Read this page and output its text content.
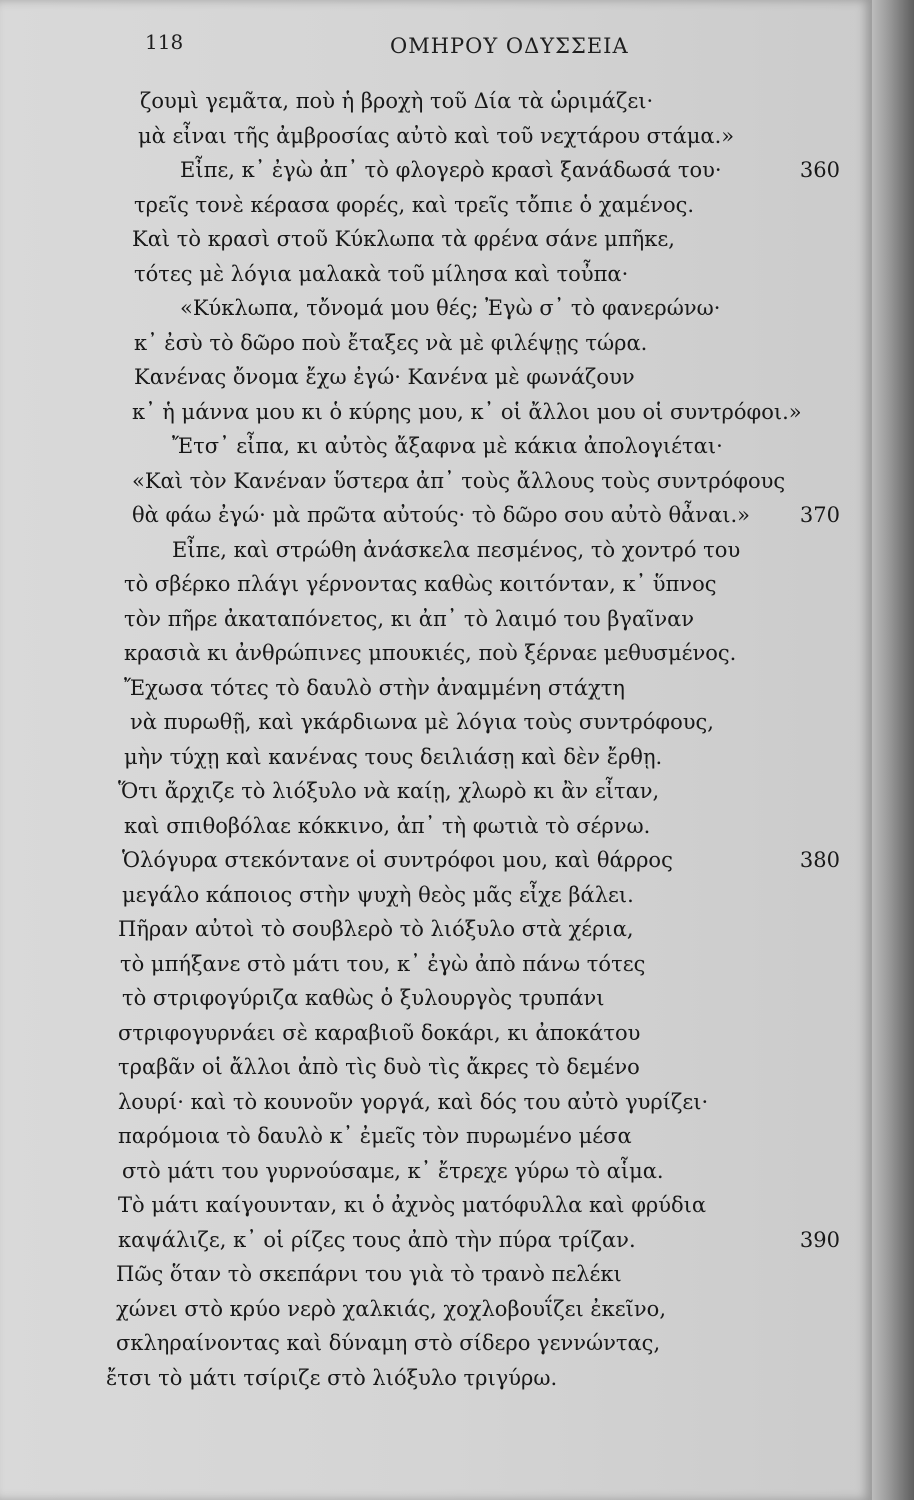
118	ΟΜΗΡΟΥ ΟΔΥΣΣΕΙΑ
ζουμὶ γεμᾶτα, ποὺ ἡ βροχὴ τοῦ Δία τὰ ὡριμάζει·
μὰ εἶναι τῆς ἀμβροσίας αὐτὸ καὶ τοῦ νεχτάρου στάμα.»
Εἶπε, κ᾽ ἐγὼ ἀπ᾽ τὸ φλογερὸ κρασὶ ξανάδωσά του·	360
τρεῖς τονὲ κέρασα φορές, καὶ τρεῖς τὄπιε ὁ χαμένος.
Καὶ τὸ κρασὶ στοῦ Κύκλωπα τὰ φρένα σάνε μπῆκε,
τότες μὲ λόγια μαλακὰ τοῦ μίλησα καὶ τοὖπα·
«Κύκλωπα, τὄνομά μου θές; Ἐγὼ σ᾽ τὸ φανερώνω·
κ᾽ ἐσὺ τὸ δῶρο ποὺ ἔταξες νὰ μὲ φιλέψῃς τώρα.
Κανένας ὄνομα ἔχω ἐγώ· Κανένα μὲ φωνάζουν
κ᾽ ἡ μάννα μου κι ὁ κύρης μου, κ᾽ οἱ ἄλλοι μου οἱ συντρόφοι.»
Ἔτσ᾽ εἶπα, κι αὐτὸς ἄξαφνα μὲ κάκια ἀπολογιέται·
«Καὶ τὸν Κανέναν ὕστερα ἀπ᾽ τοὺς ἄλλους τοὺς συντρόφους
θὰ φάω ἐγώ· μὰ πρῶτα αὐτούς· τὸ δῶρο σου αὐτὸ θἆναι.» 370
Εἶπε, καὶ στρώθη ἀνάσκελα πεσμένος, τὸ χοντρό του
τὸ σβέρκο πλάγι γέρνοντας καθὼς κοιτόνταν, κ᾽ ὕπνος
τὸν πῆρε ἀκαταπόνετος, κι ἀπ᾽ τὸ λαιμό του βγαῖναν
κρασιὰ κι ἀνθρώπινες μπουκιές, ποὺ ξέρναε μεθυσμένος.
Ἔχωσα τότες τὸ δαυλὸ στὴν ἀναμμένη στάχτη
νὰ πυρωθῇ, καὶ γκάρδιωνα μὲ λόγια τοὺς συντρόφους,
μὴν τύχῃ καὶ κανένας τους δειλιάσῃ καὶ δὲν ἔρθῃ.
Ὅτι ἄρχιζε τὸ λιόξυλο νὰ καίῃ, χλωρὸ κι ἂν εἶταν,
καὶ σπιθοβόλαε κόκκινο, ἀπ᾽ τὴ φωτιὰ τὸ σέρνω.
Ὁλόγυρα στεκόντανε οἱ συντρόφοι μου, καὶ θάρρος	380
μεγάλο κάποιος στὴν ψυχὴ θεὸς μᾶς εἶχε βάλει.
Πῆραν αὐτοὶ τὸ σουβλερὸ τὸ λιόξυλο στὰ χέρια,
τὸ μπήξανε στὸ μάτι του, κ᾽ ἐγὼ ἀπὸ πάνω τότες
τὸ στριφογύριζα καθὼς ὁ ξυλουργὸς τρυπάνι
στριφογυρνάει σὲ καραβιοῦ δοκάρι, κι ἀποκάτου
τραβᾶν οἱ ἄλλοι ἀπὸ τὶς δυὸ τὶς ἄκρες τὸ δεμένο
λουρί· καὶ τὸ κουνοῦν γοργά, καὶ δός του αὐτὸ γυρίζει·
παρόμοια τὸ δαυλὸ κ᾽ ἐμεῖς τὸν πυρωμένο μέσα
στὸ μάτι του γυρνούσαμε, κ᾽ ἔτρεχε γύρω τὸ αἷμα.
Τὸ μάτι καίγουνταν, κι ὁ ἀχνὸς ματόφυλλα καὶ φρύδια
καψάλιζε, κ᾽ οἱ ρίζες τους ἀπὸ τὴν πύρα τρίζαν.	390
Πῶς ὅταν τὸ σκεπάρνι του γιὰ τὸ τρανὸ πελέκι
χώνει στὸ κρύο νερὸ χαλκιάς, χοχλοβουΐζει ἐκεῖνο,
σκληραίνοντας καὶ δύναμη στὸ σίδερο γεννώντας,
ἔτσι τὸ μάτι τσίριζε στὸ λιόξυλο τριγύρω.
